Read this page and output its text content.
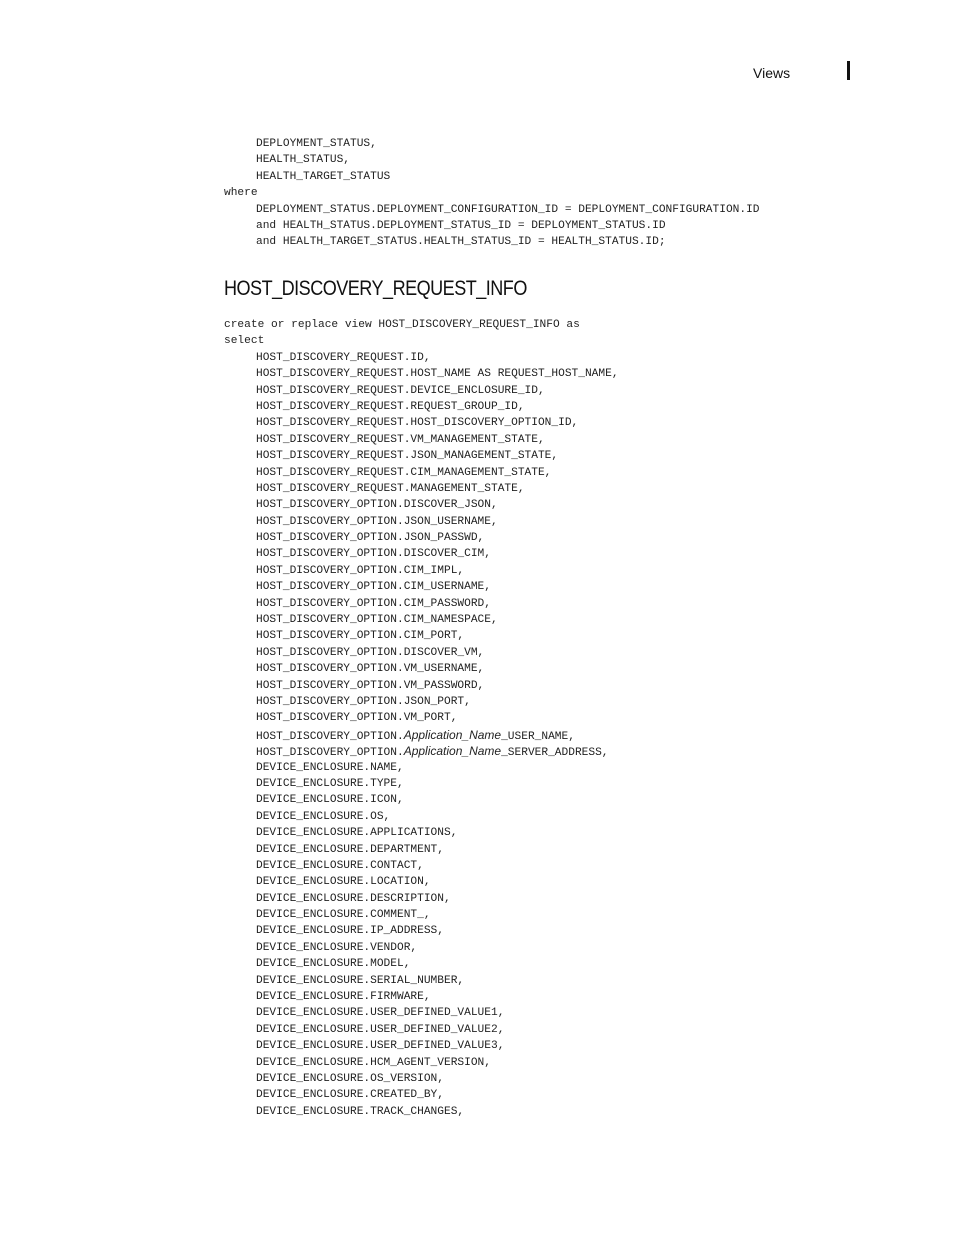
Views
DEPLOYMENT_STATUS,
HEALTH_STATUS,
HEALTH_TARGET_STATUS
where
DEPLOYMENT_STATUS.DEPLOYMENT_CONFIGURATION_ID = DEPLOYMENT_CONFIGURATION.ID
and HEALTH_STATUS.DEPLOYMENT_STATUS_ID = DEPLOYMENT_STATUS.ID
and HEALTH_TARGET_STATUS.HEALTH_STATUS_ID = HEALTH_STATUS.ID;
HOST_DISCOVERY_REQUEST_INFO
create or replace view HOST_DISCOVERY_REQUEST_INFO as
select
HOST_DISCOVERY_REQUEST.ID,
HOST_DISCOVERY_REQUEST.HOST_NAME AS REQUEST_HOST_NAME,
HOST_DISCOVERY_REQUEST.DEVICE_ENCLOSURE_ID,
HOST_DISCOVERY_REQUEST.REQUEST_GROUP_ID,
HOST_DISCOVERY_REQUEST.HOST_DISCOVERY_OPTION_ID,
HOST_DISCOVERY_REQUEST.VM_MANAGEMENT_STATE,
HOST_DISCOVERY_REQUEST.JSON_MANAGEMENT_STATE,
HOST_DISCOVERY_REQUEST.CIM_MANAGEMENT_STATE,
HOST_DISCOVERY_REQUEST.MANAGEMENT_STATE,
HOST_DISCOVERY_OPTION.DISCOVER_JSON,
HOST_DISCOVERY_OPTION.JSON_USERNAME,
HOST_DISCOVERY_OPTION.JSON_PASSWD,
HOST_DISCOVERY_OPTION.DISCOVER_CIM,
HOST_DISCOVERY_OPTION.CIM_IMPL,
HOST_DISCOVERY_OPTION.CIM_USERNAME,
HOST_DISCOVERY_OPTION.CIM_PASSWORD,
HOST_DISCOVERY_OPTION.CIM_NAMESPACE,
HOST_DISCOVERY_OPTION.CIM_PORT,
HOST_DISCOVERY_OPTION.DISCOVER_VM,
HOST_DISCOVERY_OPTION.VM_USERNAME,
HOST_DISCOVERY_OPTION.VM_PASSWORD,
HOST_DISCOVERY_OPTION.JSON_PORT,
HOST_DISCOVERY_OPTION.VM_PORT,
HOST_DISCOVERY_OPTION.Application_Name_USER_NAME,
HOST_DISCOVERY_OPTION.Application_Name_SERVER_ADDRESS,
DEVICE_ENCLOSURE.NAME,
DEVICE_ENCLOSURE.TYPE,
DEVICE_ENCLOSURE.ICON,
DEVICE_ENCLOSURE.OS,
DEVICE_ENCLOSURE.APPLICATIONS,
DEVICE_ENCLOSURE.DEPARTMENT,
DEVICE_ENCLOSURE.CONTACT,
DEVICE_ENCLOSURE.LOCATION,
DEVICE_ENCLOSURE.DESCRIPTION,
DEVICE_ENCLOSURE.COMMENT_,
DEVICE_ENCLOSURE.IP_ADDRESS,
DEVICE_ENCLOSURE.VENDOR,
DEVICE_ENCLOSURE.MODEL,
DEVICE_ENCLOSURE.SERIAL_NUMBER,
DEVICE_ENCLOSURE.FIRMWARE,
DEVICE_ENCLOSURE.USER_DEFINED_VALUE1,
DEVICE_ENCLOSURE.USER_DEFINED_VALUE2,
DEVICE_ENCLOSURE.USER_DEFINED_VALUE3,
DEVICE_ENCLOSURE.HCM_AGENT_VERSION,
DEVICE_ENCLOSURE.OS_VERSION,
DEVICE_ENCLOSURE.CREATED_BY,
DEVICE_ENCLOSURE.TRACK_CHANGES,
